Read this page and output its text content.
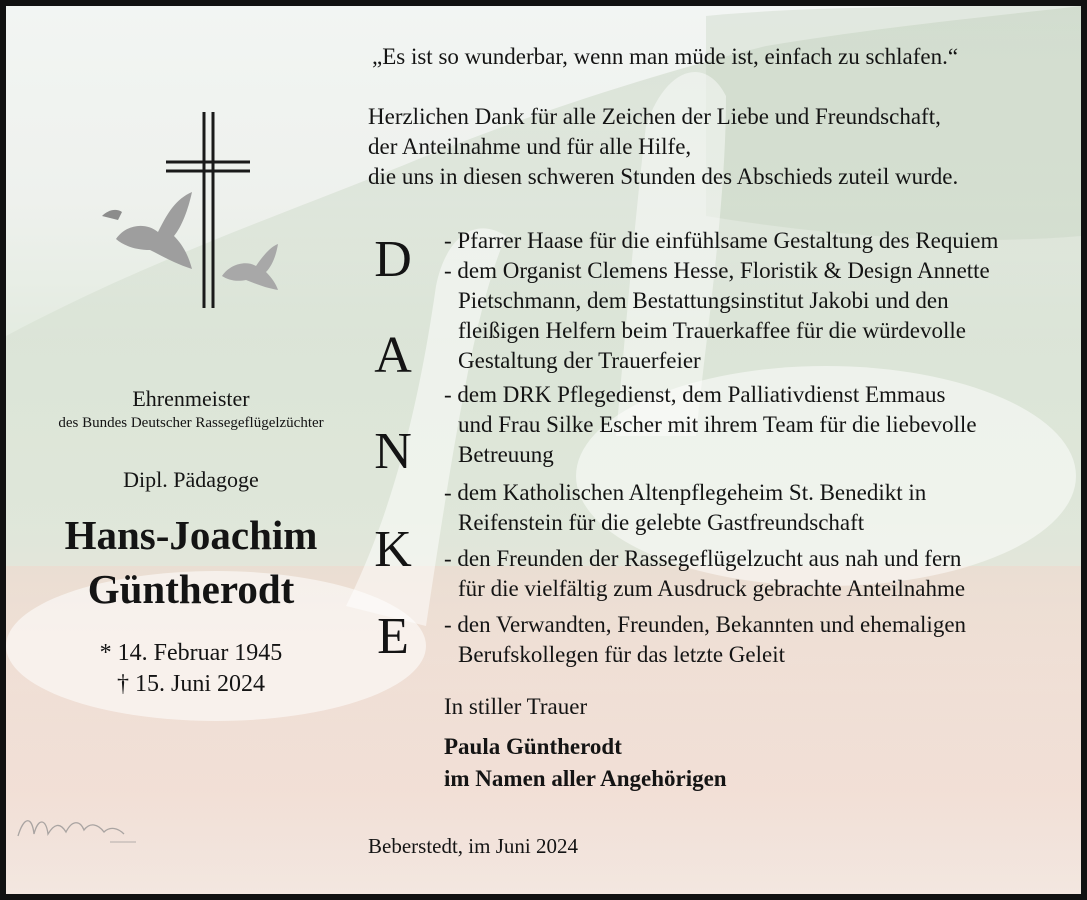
Ehrenmeister
des Bundes Deutscher Rassegeflügelzüchter
Dipl. Pädagoge
Hans-Joachim
Güntherodt
* 14. Februar 1945
† 15. Juni 2024
„Es ist so wunderbar, wenn man müde ist, einfach zu schlafen.“
Herzlichen Dank für alle Zeichen der Liebe und Freundschaft,
der Anteilnahme und für alle Hilfe,
die uns in diesen schweren Stunden des Abschieds zuteil wurde.
D
A
N
K
E
- Pfarrer Haase für die einfühlsame Gestaltung des Requiem
- dem Organist Clemens Hesse, Floristik & Design Annette
Pietschmann, dem Bestattungsinstitut Jakobi und den
fleißigen Helfern beim Trauerkaffee für die würdevolle
Gestaltung der Trauerfeier
- dem DRK Pflegedienst, dem Palliativdienst Emmaus
und Frau Silke Escher mit ihrem Team für die liebevolle
Betreuung
- dem Katholischen Altenpflegeheim St. Benedikt in
Reifenstein für die gelebte Gastfreundschaft
- den Freunden der Rassegeflügelzucht aus nah und fern
für die vielfältig zum Ausdruck gebrachte Anteilnahme
- den Verwandten, Freunden, Bekannten und ehemaligen
Berufskollegen für das letzte Geleit
In stiller Trauer
Paula Güntherodt
im Namen aller Angehörigen
Beberstedt, im Juni 2024
